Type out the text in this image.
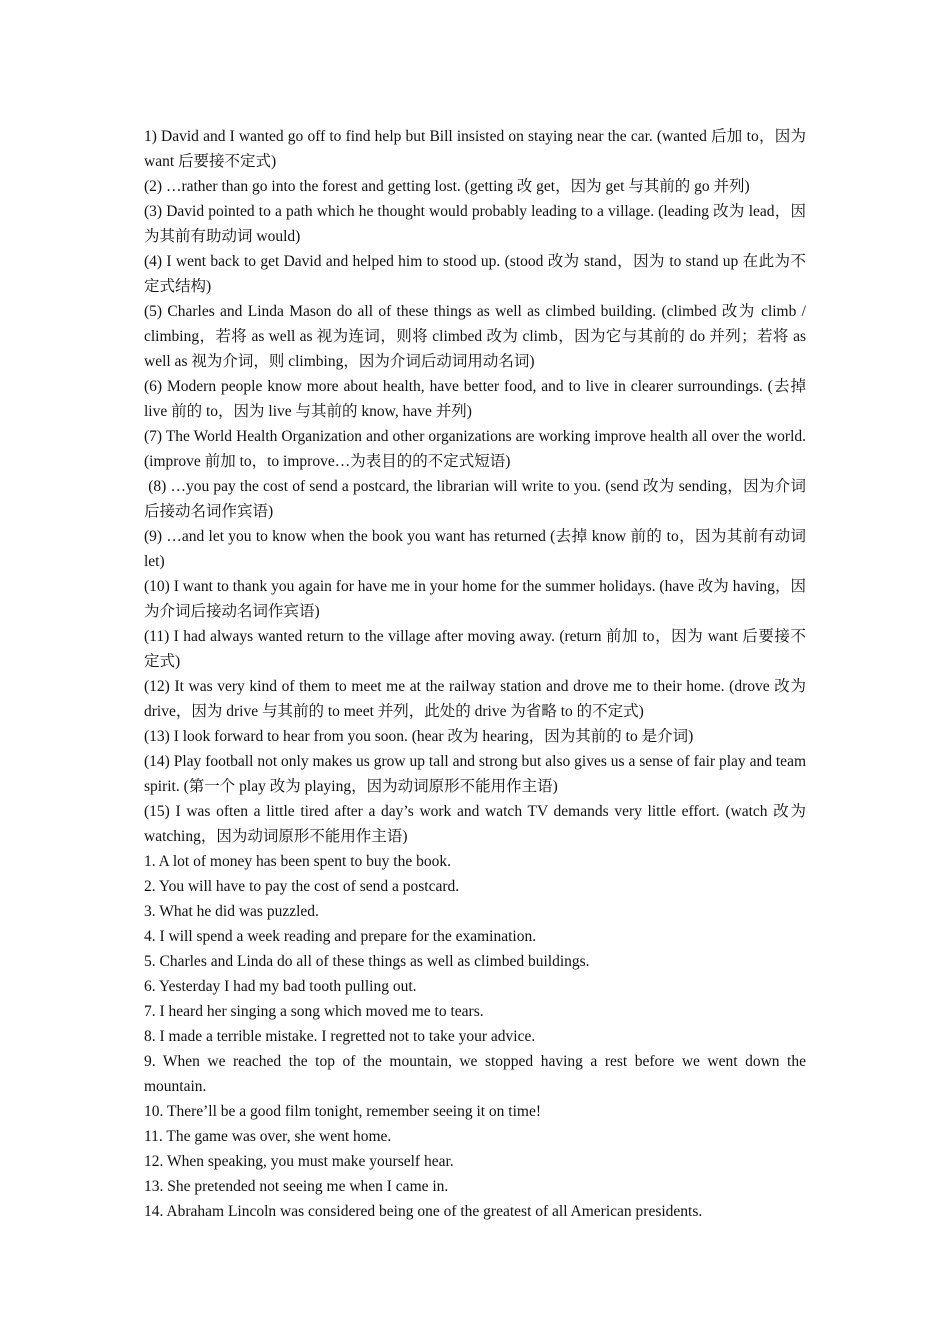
1) David and I wanted go off to find help but Bill insisted on staying near the car. (wanted 后加 to，因为 want 后要接不定式)

(2) …rather than go into the forest and getting lost. (getting 改 get，因为 get 与其前的 go 并列)

(3) David pointed to a path which he thought would probably leading to a village. (leading 改为 lead，因为其前有助动词 would)

(4) I went back to get David and helped him to stood up. (stood 改为 stand，因为 to stand up 在此为不定式结构)

(5) Charles and Linda Mason do all of these things as well as climbed building. (climbed 改为 climb / climbing，若将 as well as 视为连词，则将 climbed 改为 climb，因为它与其前的 do 并列；若将 as well as 视为介词，则 climbing，因为介词后动词用动名词)

(6) Modern people know more about health, have better food, and to live in clearer surroundings. (去掉 live 前的 to，因为 live 与其前的 know, have 并列)

(7) The World Health Organization and other organizations are working improve health all over the world. (improve 前加 to，to improve…为表目的的不定式短语)

(8) …you pay the cost of send a postcard, the librarian will write to you. (send 改为 sending，因为介词后接动名词作宾语)

(9) …and let you to know when the book you want has returned (去掉 know 前的 to，因为其前有动词 let)

(10) I want to thank you again for have me in your home for the summer holidays. (have 改为 having，因为介词后接动名词作宾语)

(11) I had always wanted return to the village after moving away. (return 前加 to，因为 want 后要接不定式)

(12) It was very kind of them to meet me at the railway station and drove me to their home. (drove 改为 drive，因为 drive 与其前的 to meet 并列，此处的 drive 为省略 to 的不定式)

(13) I look forward to hear from you soon. (hear 改为 hearing，因为其前的 to 是介词)

(14) Play football not only makes us grow up tall and strong but also gives us a sense of fair play and team spirit. (第一个 play 改为 playing，因为动词原形不能用作主语)

(15) I was often a little tired after a day’s work and watch TV demands very little effort. (watch 改为 watching，因为动词原形不能用作主语)

1. A lot of money has been spent to buy the book.

2. You will have to pay the cost of send a postcard.

3. What he did was puzzled.

4. I will spend a week reading and prepare for the examination.

5. Charles and Linda do all of these things as well as climbed buildings.

6. Yesterday I had my bad tooth pulling out.

7. I heard her singing a song which moved me to tears.

8. I made a terrible mistake. I regretted not to take your advice.

9. When we reached the top of the mountain, we stopped having a rest before we went down the mountain.

10. There’ll be a good film tonight, remember seeing it on time!

11. The game was over, she went home.

12. When speaking, you must make yourself hear.

13. She pretended not seeing me when I came in.

14. Abraham Lincoln was considered being one of the greatest of all American presidents.
